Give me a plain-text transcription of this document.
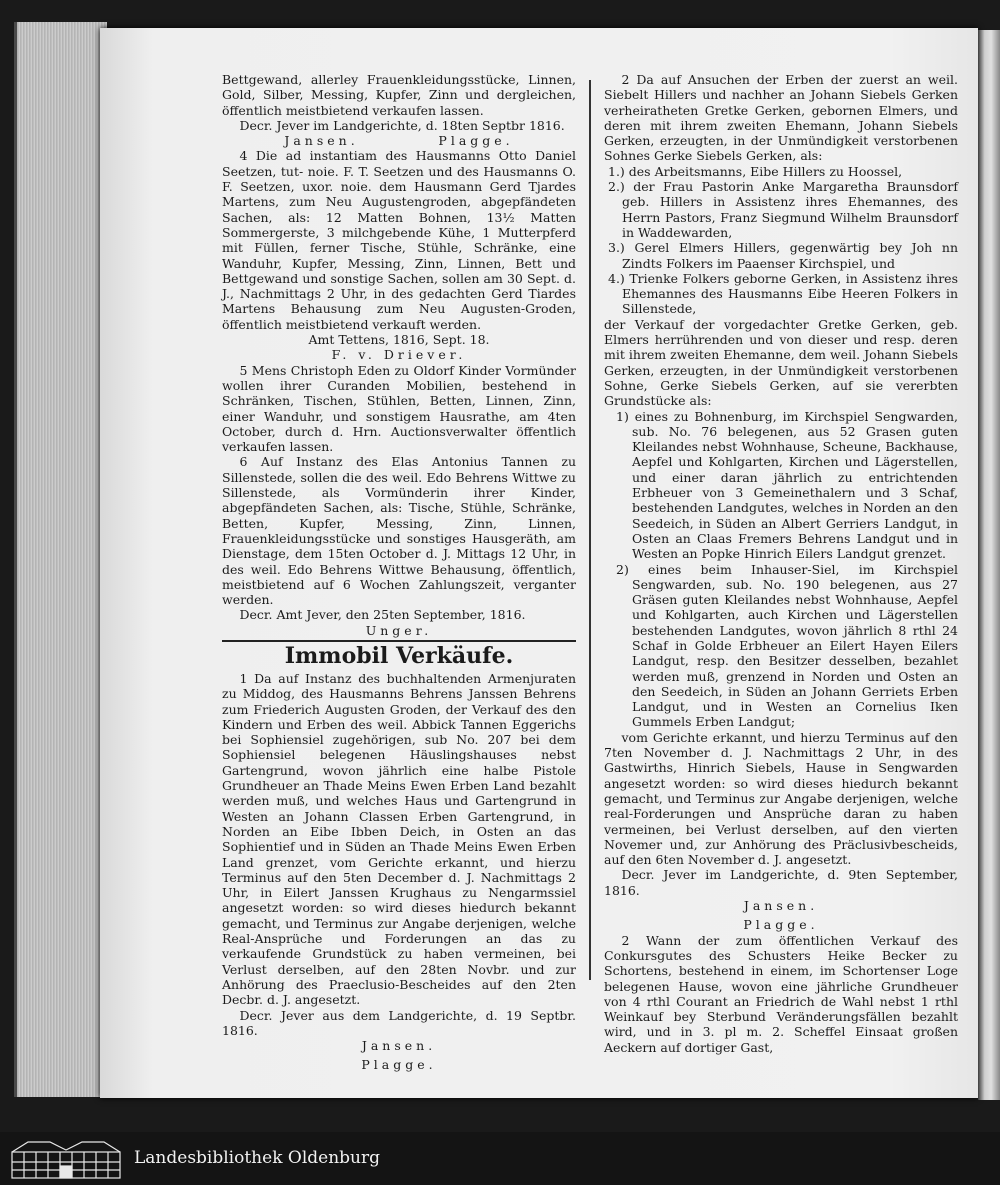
Bettgewand, allerley Frauenkleidungsstücke, Linnen, Gold, Silber, Messing, Kupfer, Zinn und dergleichen, öffentlich meistbietend verkaufen lassen.

Decr. Jever im Landgerichte, d. 18ten Septbr 1816.

Jansen.          Plagge.

4 Die ad instantiam des Hausmanns Otto Daniel Seetzen, tut- noie. F. T. Seetzen und des Hausmanns O. F. Seetzen, uxor. noie. dem Hausmann Gerd Tjardes Martens, zum Neu Augustengroden, abgepfändeten Sachen, als: 12 Matten Bohnen, 13½ Matten Sommergerste, 3 milchgebende Kühe, 1 Mutterpferd mit Füllen, ferner Tische, Stühle, Schränke, eine Wanduhr, Kupfer, Messing, Zinn, Linnen, Bett und Bettgewand und sonstige Sachen, sollen am 30 Sept. d. J., Nachmittags 2 Uhr, in des gedachten Gerd Tiardes Martens Behausung zum Neu Augusten-Groden, öffentlich meistbietend verkauft werden.

Amt Tettens, 1816, Sept. 18.

F. v. Driever.

5 Mens Christoph Eden zu Oldorf Kinder Vormünder wollen ihrer Curanden Mobilien, bestehend in Schränken, Tischen, Stühlen, Betten, Linnen, Zinn, einer Wanduhr, und sonstigem Hausrathe, am 4ten October, durch d. Hrn. Auctionsverwalter öffentlich verkaufen lassen.

6 Auf Instanz des Elas Antonius Tannen zu Sillenstede, sollen die des weil. Edo Behrens Wittwe zu Sillenstede, als Vormünderin ihrer Kinder, abgepfändeten Sachen, als: Tische, Stühle, Schränke, Betten, Kupfer, Messing, Zinn, Linnen, Frauenkleidungsstücke und sonstiges Hausgeräth, am Dienstage, dem 15ten October d. J. Mittags 12 Uhr, in des weil. Edo Behrens Wittwe Behausung, öffentlich, meistbietend auf 6 Wochen Zahlungszeit, verganter werden.

Decr. Amt Jever, den 25ten September, 1816.

Unger.

Immobil Verkäufe.

1 Da auf Instanz des buchhaltenden Armenjuraten zu Middog, des Hausmanns Behrens Janssen Behrens zum Friederich Augusten Groden, der Verkauf des den Kindern und Erben des weil. Abbick Tannen Eggerichs bei Sophiensiel zugehörigen, sub No. 207 bei dem Sophiensiel belegenen Häuslingshauses nebst Gartengrund, wovon jährlich eine halbe Pistole Grundheuer an Thade Meins Ewen Erben Land bezahlt werden muß, und welches Haus und Gartengrund in Westen an Johann Classen Erben Gartengrund, in Norden an Eibe Ibben Deich, in Osten an das Sophientief und in Süden an Thade Meins Ewen Erben Land grenzet, vom Gerichte erkannt, und hierzu Terminus auf den 5ten December d. J. Nachmittags 2 Uhr, in Eilert Janssen Krughaus zu Nengarmssiel angesetzt worden: so wird dieses hiedurch bekannt gemacht, und Terminus zur Angabe derjenigen, welche Real-Ansprüche und Forderungen an das zu verkaufende Grundstück zu haben vermeinen, bei Verlust derselben, auf den 28ten Novbr. und zur Anhörung des Praeclusio-Bescheides auf den 2ten Decbr. d. J. angesetzt.

Decr. Jever aus dem Landgerichte, d. 19 Septbr. 1816.

Jansen.

Plagge.

2 Da auf Ansuchen der Erben der zuerst an weil. Siebelt Hillers und nachher an Johann Siebels Gerken verheiratheten Gretke Gerken, gebornen Elmers, und deren mit ihrem zweiten Ehemann, Johann Siebels Gerken, erzeugten, in der Unmündigkeit verstorbenen Sohnes Gerke Siebels Gerken, als:

1.) des Arbeitsmanns, Eibe Hillers zu Hoossel,

2.) der Frau Pastorin Anke Margaretha Braunsdorf geb. Hillers in Assistenz ihres Ehemannes, des Herrn Pastors, Franz Siegmund Wilhelm Braunsdorf in Waddewarden,

3.) Gerel Elmers Hillers, gegenwärtig bey Joh nn Zindts Folkers im Paaenser Kirchspiel, und

4.) Trienke Folkers geborne Gerken, in Assistenz ihres Ehemannes des Hausmanns Eibe Heeren Folkers in Sillenstede,

der Verkauf der vorgedachter Gretke Gerken, geb. Elmers herrührenden und von dieser und resp. deren mit ihrem zweiten Ehemanne, dem weil. Johann Siebels Gerken, erzeugten, in der Unmündigkeit verstorbenen Sohne, Gerke Siebels Gerken, auf sie vererbten Grundstücke als:

1) eines zu Bohnenburg, im Kirchspiel Sengwarden, sub. No. 76 belegenen, aus 52 Grasen guten Kleilandes nebst Wohnhause, Scheune, Backhause, Aepfel und Kohlgarten, Kirchen und Lägerstellen, und einer daran jährlich zu entrichtenden Erbheuer von 3 Gemeinethalern und 3 Schaf, bestehenden Landgutes, welches in Norden an den Seedeich, in Süden an Albert Gerriers Landgut, in Osten an Claas Fremers Behrens Landgut und in Westen an Popke Hinrich Eilers Landgut grenzet.

2) eines beim Inhauser-Siel, im Kirchspiel Sengwarden, sub. No. 190 belegenen, aus 27 Gräsen guten Kleilandes nebst Wohnhause, Aepfel und Kohlgarten, auch Kirchen und Lägerstellen bestehenden Landgutes, wovon jährlich 8 rthl 24 Schaf in Golde Erbheuer an Eilert Hayen Eilers Landgut, resp. den Besitzer desselben, bezahlet werden muß, grenzend in Norden und Osten an den Seedeich, in Süden an Johann Gerriets Erben Landgut, und in Westen an Cornelius Iken Gummels Erben Landgut;

vom Gerichte erkannt, und hierzu Terminus auf den 7ten November d. J. Nachmittags 2 Uhr, in des Gastwirths, Hinrich Siebels, Hause in Sengwarden angesetzt worden: so wird dieses hiedurch bekannt gemacht, und Terminus zur Angabe derjenigen, welche real-Forderungen und Ansprüche daran zu haben vermeinen, bei Verlust derselben, auf den vierten Novemer und, zur Anhörung des Präclusivbescheids, auf den 6ten November d. J. angesetzt.

Decr. Jever im Landgerichte, d. 9ten September, 1816.

Jansen.

Plagge.

2 Wann der zum öffentlichen Verkauf des Conkursgutes des Schusters Heike Becker zu Schortens, bestehend in einem, im Schortenser Loge belegenen Hause, wovon eine jährliche Grundheuer von 4 rthl Courant an Friedrich de Wahl nebst 1 rthl Weinkauf bey Sterbund Veränderungsfällen bezahlt wird, und in 3. pl m. 2. Scheffel Einsaat großen Aeckern auf dortiger Gast,

Landesbibliothek Oldenburg
